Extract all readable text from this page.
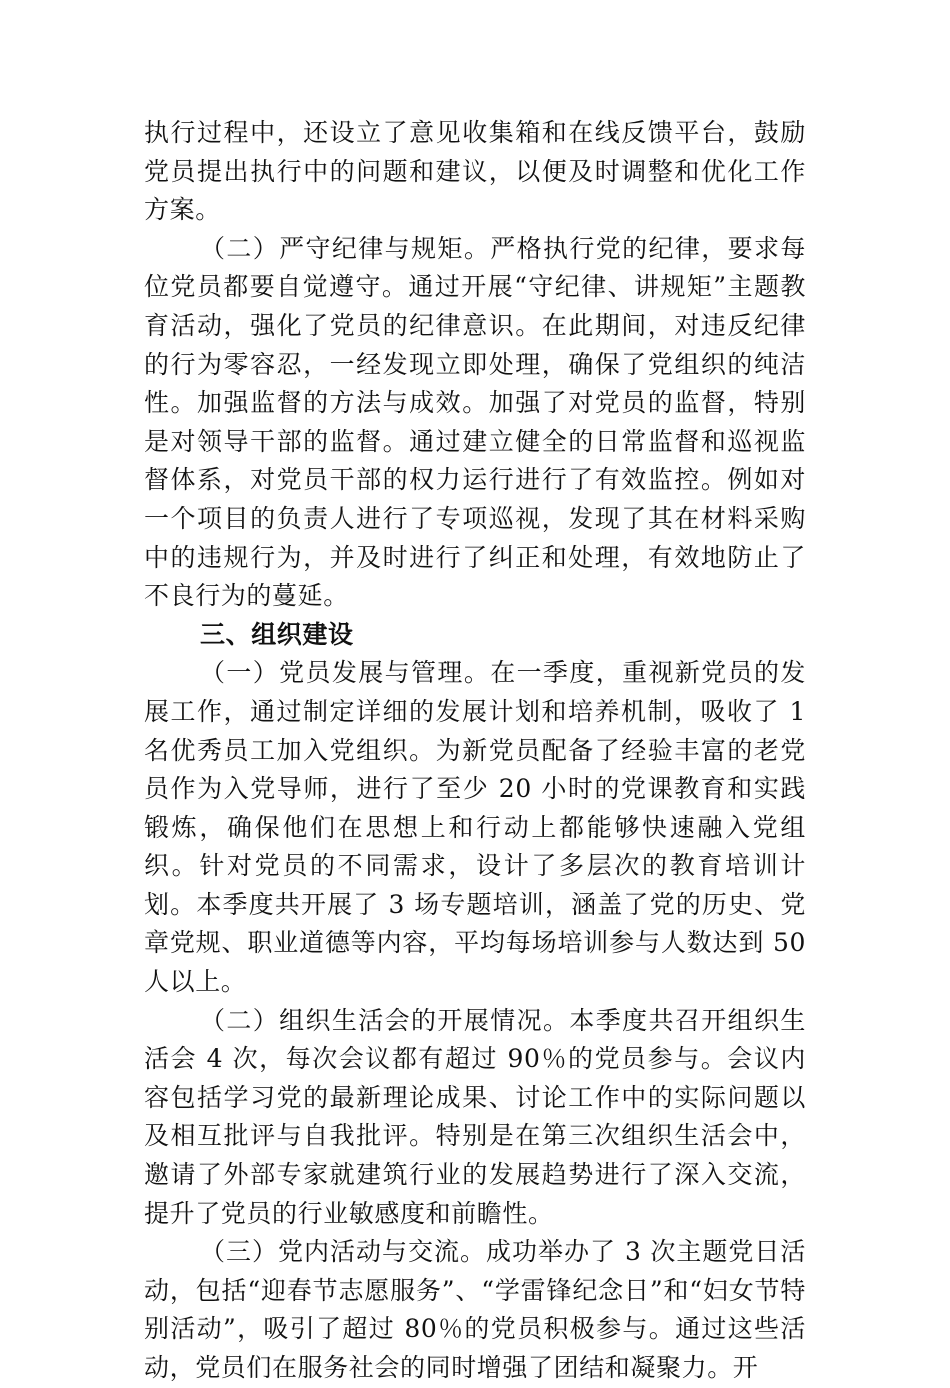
执行过程中，还设立了意见收集箱和在线反馈平台，鼓励党员提出执行中的问题和建议，以便及时调整和优化工作方案。

（二）严守纪律与规矩。严格执行党的纪律，要求每位党员都要自觉遵守。通过开展“守纪律、讲规矩”主题教育活动，强化了党员的纪律意识。在此期间，对违反纪律的行为零容忍，一经发现立即处理，确保了党组织的纯洁性。加强监督的方法与成效。加强了对党员的监督，特别是对领导干部的监督。通过建立健全的日常监督和巡视监督体系，对党员干部的权力运行进行了有效监控。例如对一个项目的负责人进行了专项巡视，发现了其在材料采购中的违规行为，并及时进行了纠正和处理，有效地防止了不良行为的蔓延。

三、组织建设

（一）党员发展与管理。在一季度，重视新党员的发展工作，通过制定详细的发展计划和培养机制，吸收了 1 名优秀员工加入党组织。为新党员配备了经验丰富的老党员作为入党导师，进行了至少 20 小时的党课教育和实践锻炼，确保他们在思想上和行动上都能够快速融入党组织。针对党员的不同需求，设计了多层次的教育培训计划。本季度共开展了 3 场专题培训，涵盖了党的历史、党章党规、职业道德等内容，平均每场培训参与人数达到 50 人以上。

（二）组织生活会的开展情况。本季度共召开组织生活会 4 次，每次会议都有超过 90％的党员参与。会议内容包括学习党的最新理论成果、讨论工作中的实际问题以及相互批评与自我批评。特别是在第三次组织生活会中，邀请了外部专家就建筑行业的发展趋势进行了深入交流，提升了党员的行业敏感度和前瞻性。

（三）党内活动与交流。成功举办了 3 次主题党日活动，包括“迎春节志愿服务”、“学雷锋纪念日”和“妇女节特别活动”，吸引了超过 80％的党员积极参与。通过这些活动，党员们在服务社会的同时增强了团结和凝聚力。开
